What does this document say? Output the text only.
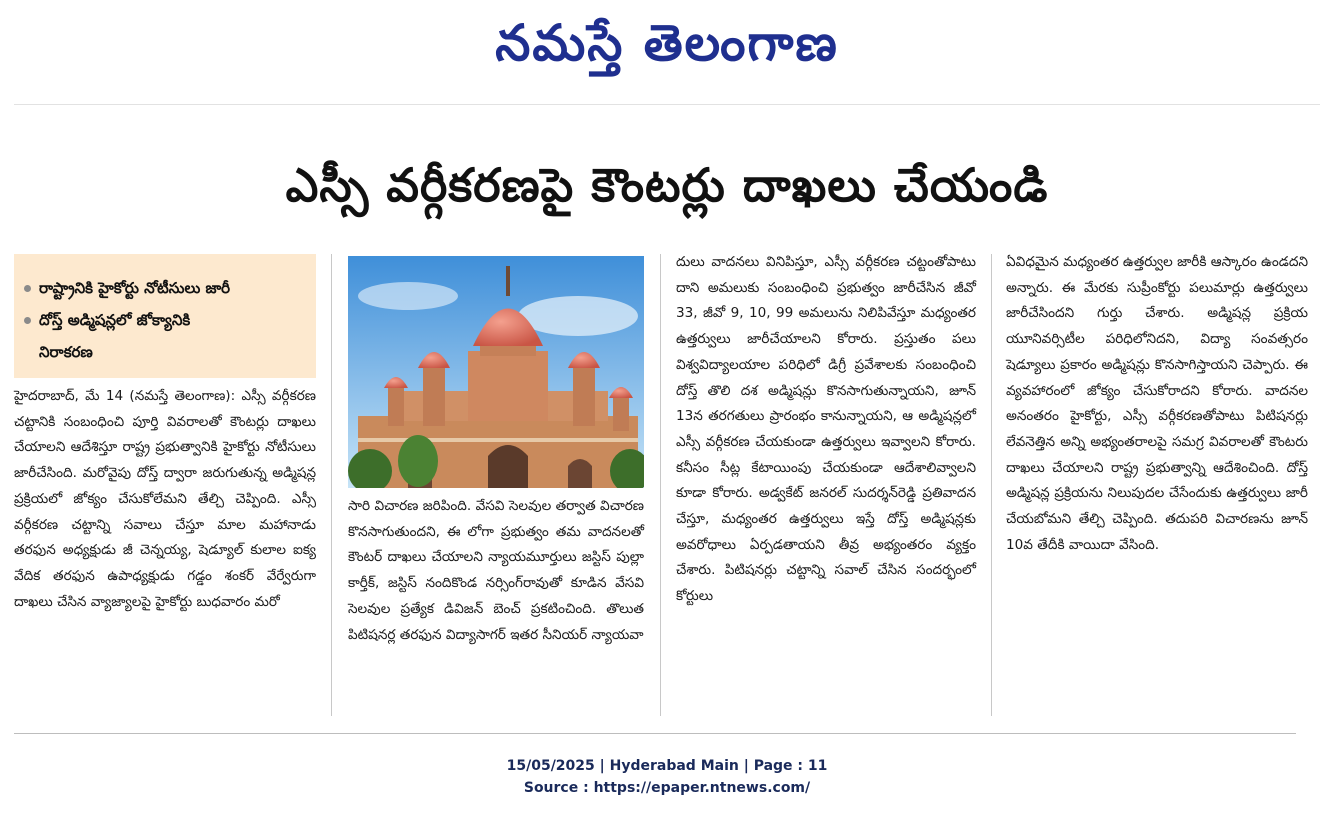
నమస్తే తెలంగాణ
ఎస్సీ వర్గీకరణపై కౌంటర్లు దాఖలు చేయండి
రాష్ట్రానికి హైకోర్టు నోటీసులు జారీ
దోస్త్ అడ్మిషన్లలో జోక్యానికి
నిరాకరణ

హైదరాబాద్, మే 14 (నమస్తే తెలంగాణ): ఎస్సీ వర్గీకరణ చట్టానికి సంబంధించి పూర్తి వివరాలతో కౌంటర్లు దాఖలు చేయాలని ఆదేశిస్తూ రాష్ట్ర ప్రభుత్వానికి హైకోర్టు నోటీసులు జారీచేసింది. మరోవైపు దోస్త్ ద్వారా జరుగుతున్న అడ్మిషన్ల ప్రక్రియలో జోక్యం చేసుకోలేమని తేల్చి చెప్పింది. ఎస్సీ వర్గీకరణ చట్టాన్ని సవాలు చేస్తూ మాల మహానాడు తరఫున అధ్యక్షుడు జీ చెన్నయ్య, షెడ్యూల్ కులాల ఐక్య వేదిక తరఫున ఉపాధ్యక్షుడు గడ్డం శంకర్ వేర్వేరుగా దాఖలు చేసిన వ్యాజ్యాలపై హైకోర్టు బుధవారం మరో

సారి విచారణ జరిపింది. వేసవి సెలవుల తర్వాత విచారణ కొనసాగుతుందని, ఈ లోగా ప్రభుత్వం తమ వాదనలతో కౌంటర్ దాఖలు చేయాలని న్యాయమూర్తులు జస్టిస్ పుల్లా కార్తీక్, జస్టిస్ నందికొండ నర్సింగ్‌రావుతో కూడిన వేసవి సెలవుల ప్రత్యేక డివిజన్ బెంచ్ ప్రకటించింది. తొలుత పిటిషనర్ల తరఫున విద్యాసాగర్ ఇతర సీనియర్ న్యాయవా

దులు వాదనలు వినిపిస్తూ, ఎస్సీ వర్గీకరణ చట్టంతోపాటు దాని అమలుకు సంబంధించి ప్రభుత్వం జారీచేసిన జీవో 33, జీవో 9, 10, 99 అమలును నిలిపివేస్తూ మధ్యంతర ఉత్తర్వులు జారీచేయాలని కోరారు. ప్రస్తుతం పలు విశ్వవిద్యాలయాల పరిధిలో డిగ్రీ ప్రవేశాలకు సంబంధించి దోస్త్ తొలి దశ అడ్మిషన్లు కొనసాగుతున్నాయని, జూన్ 13న తరగతులు ప్రారంభం కానున్నాయని, ఆ అడ్మిషన్లలో ఎస్సీ వర్గీకరణ చేయకుండా ఉత్తర్వులు ఇవ్వాలని కోరారు. కనీసం సీట్ల కేటాయింపు చేయకుండా ఆదేశాలివ్వాలని కూడా కోరారు. అడ్వకేట్ జనరల్ సుదర్శన్‌రెడ్డి ప్రతివాదన చేస్తూ, మధ్యంతర ఉత్తర్వులు ఇస్తే దోస్త్ అడ్మిషన్లకు అవరోధాలు ఏర్పడతాయని తీవ్ర అభ్యంతరం వ్యక్తం చేశారు. పిటిషనర్లు చట్టాన్ని సవాల్ చేసిన సందర్భంలో కోర్టులు

ఏవిధమైన మధ్యంతర ఉత్తర్వుల జారీకి ఆస్కారం ఉండదని అన్నారు. ఈ మేరకు సుప్రీంకోర్టు పలుమార్లు ఉత్తర్వులు జారీచేసిందని గుర్తు చేశారు. అడ్మిషన్ల ప్రక్రియ యూనివర్సిటీల పరిధిలోనిదని, విద్యా సంవత్సరం షెడ్యూలు ప్రకారం అడ్మిషన్లు కొనసాగిస్తాయని చెప్పారు. ఈ వ్యవహారంలో జోక్యం చేసుకోరాదని కోరారు. వాదనల అనంతరం హైకోర్టు, ఎస్సీ వర్గీకరణతోపాటు పిటిషనర్లు లేవనెత్తిన అన్ని అభ్యంతరాలపై సమగ్ర వివరాలతో కౌంటరు దాఖలు చేయాలని రాష్ట్ర ప్రభుత్వాన్ని ఆదేశించింది. దోస్త్ అడ్మిషన్ల ప్రక్రియను నిలుపుదల చేసేందుకు ఉత్తర్వులు జారీ చేయబోమని తేల్చి చెప్పింది. తదుపరి విచారణను జూన్ 10వ తేదీకి వాయిదా వేసింది.

15/05/2025 | Hyderabad Main | Page : 11
Source : https://epaper.ntnews.com/
